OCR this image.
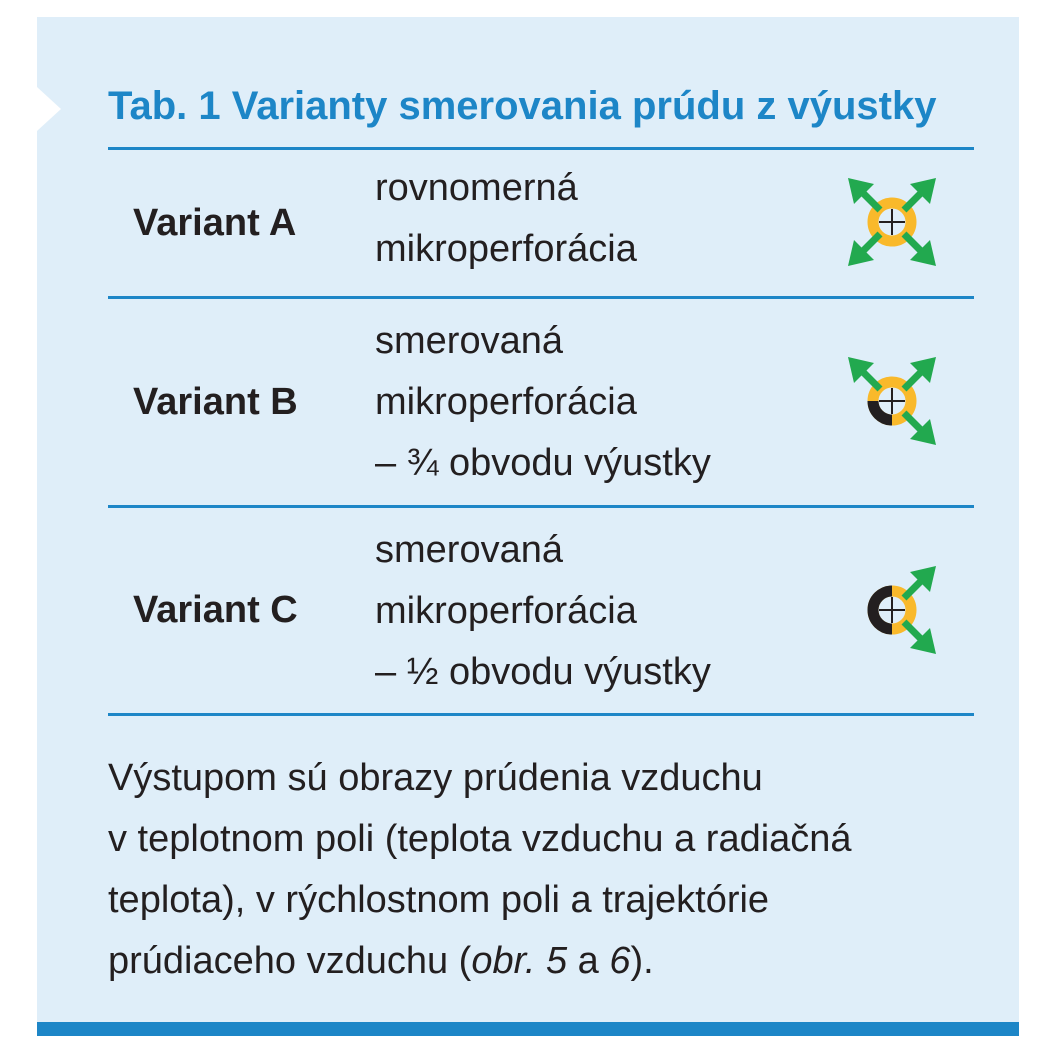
Tab. 1 Varianty smerovania prúdu z výustky
Variant A
rovnomerná
mikroperforácia
Variant B
smerovaná
mikroperforácia
– ¾ obvodu výustky
Variant C
smerovaná
mikroperforácia
– ½ obvodu výustky

Výstupom sú obrazy prúdenia vzduchu
v teplotnom poli (teplota vzduchu a radiačná
teplota), v rýchlostnom poli a trajektórie
prúdiaceho vzduchu (obr. 5 a 6).
